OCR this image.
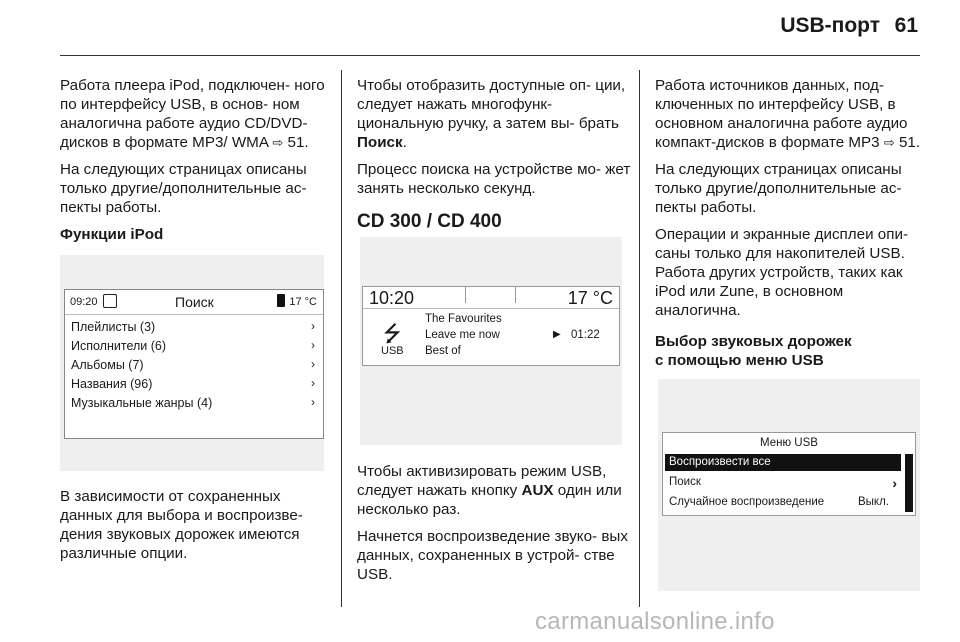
USB-порт 61

Работа плеера iPod, подключен- ного по интерфейсу USB, в основ- ном аналогична работе аудио CD/DVD-дисков в формате MP3/ WMA ⇨ 51.

На следующих страницах описаны только другие/дополнительные ас- пекты работы.

Функции iPod
09:20	Поиск	17 °C
Плейлисты (3)	›
Исполнители (6)	›
Альбомы (7)	›
Названия (96)	›
Музыкальные жанры (4)	›

В зависимости от сохраненных данных для выбора и воспроизве- дения звуковых дорожек имеются различные опции.

Чтобы отобразить доступные оп- ции, следует нажать многофунк- циональную ручку, а затем вы- брать Поиск.

Процесс поиска на устройстве мо- жет занять несколько секунд.

CD 300 / CD 400
10:20	17 °C
⭍
USB
The Favourites
Leave me now
Best of
▶ 01:22

Чтобы активизировать режим USB, следует нажать кнопку AUX один или несколько раз.

Начнется воспроизведение звуко- вых данных, сохраненных в устрой- стве USB.

Работа источников данных, под- ключенных по интерфейсу USB, в основном аналогична работе аудио компакт-дисков в формате MP3 ⇨ 51.

На следующих страницах описаны только другие/дополнительные ас- пекты работы.

Операции и экранные дисплеи опи- саны только для накопителей USB. Работа других устройств, таких как iPod или Zune, в основном аналогична.

Выбор звуковых дорожек
с помощью меню USB
Меню USB
Воспроизвести все
Поиск	›
Случайное воспроизведение	Выкл.
carmanualsonline.info
